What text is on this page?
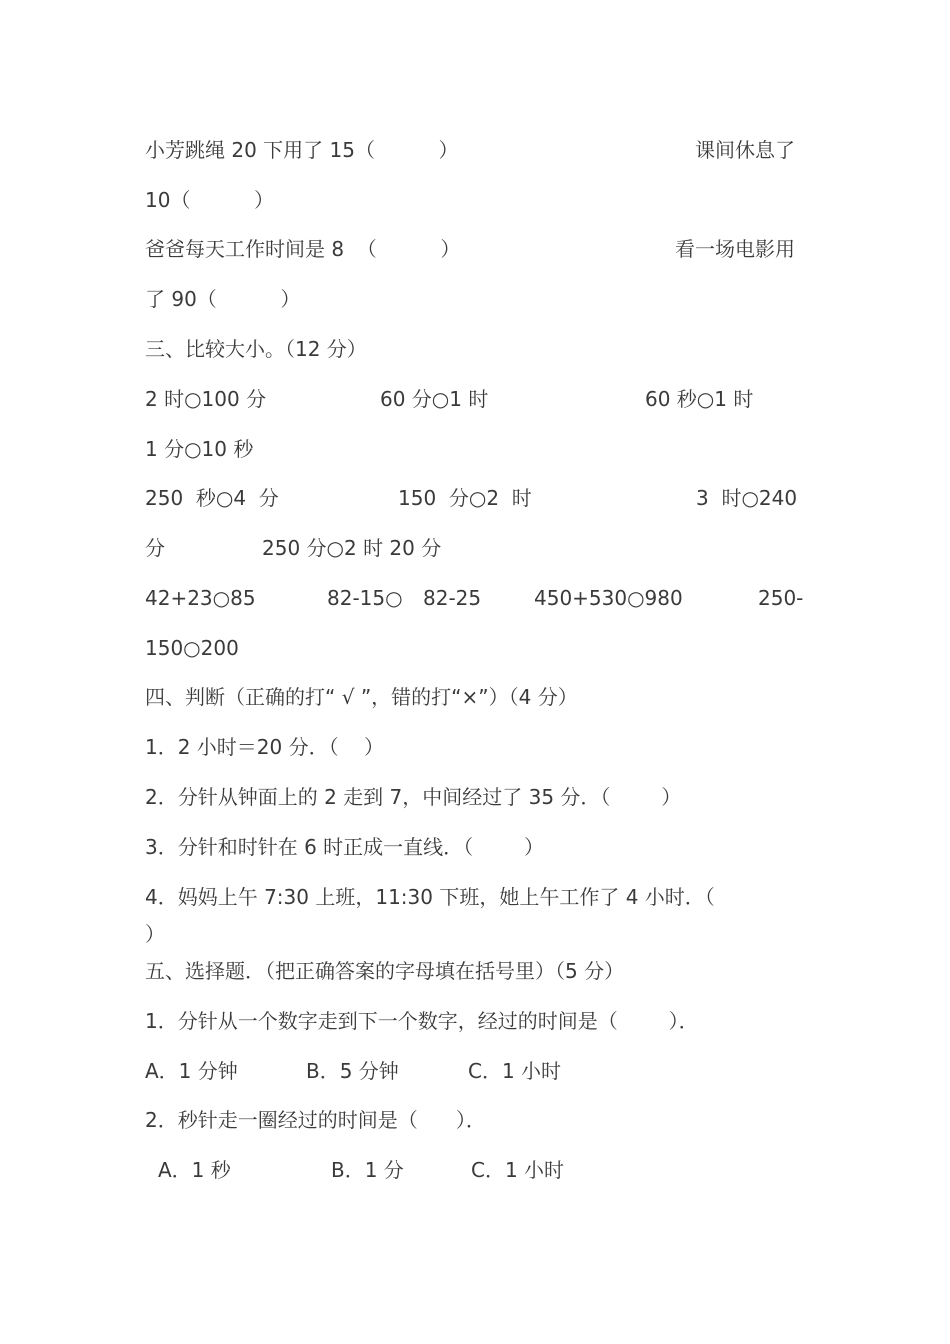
小芳跳绳 20 下用了 15（          ）	课间休息了
10（          ）
爸爸每天工作时间是 8  （          ）	看一场电影用
了 90（          ）
三、比较大小。（12 分）
2 时○100 分	60 分○1 时	60 秒○1 时
1 分○10 秒
250  秒○4  分	150  分○2  时	3  时○240
分	250 分○2 时 20 分
42+23○85	82-15○ 82-25	450+530○980	250-
150○200
四、判断（正确的打“ √ ”，错的打“×”）（4 分）
1．2 小时＝20 分．（    ）
2．分针从钟面上的 2 走到 7，中间经过了 35 分．（        ）
3．分针和时针在 6 时正成一直线．（        ）
4．妈妈上午 7:30 上班，11:30 下班，她上午工作了 4 小时．（
）
五、选择题．（把正确答案的字母填在括号里）（5 分）
1．分针从一个数字走到下一个数字，经过的时间是（        ）．
A．1 分钟	B．5 分钟	C．1 小时
2．秒针走一圈经过的时间是（      ）．
A．1 秒	B．1 分	C．1 小时
